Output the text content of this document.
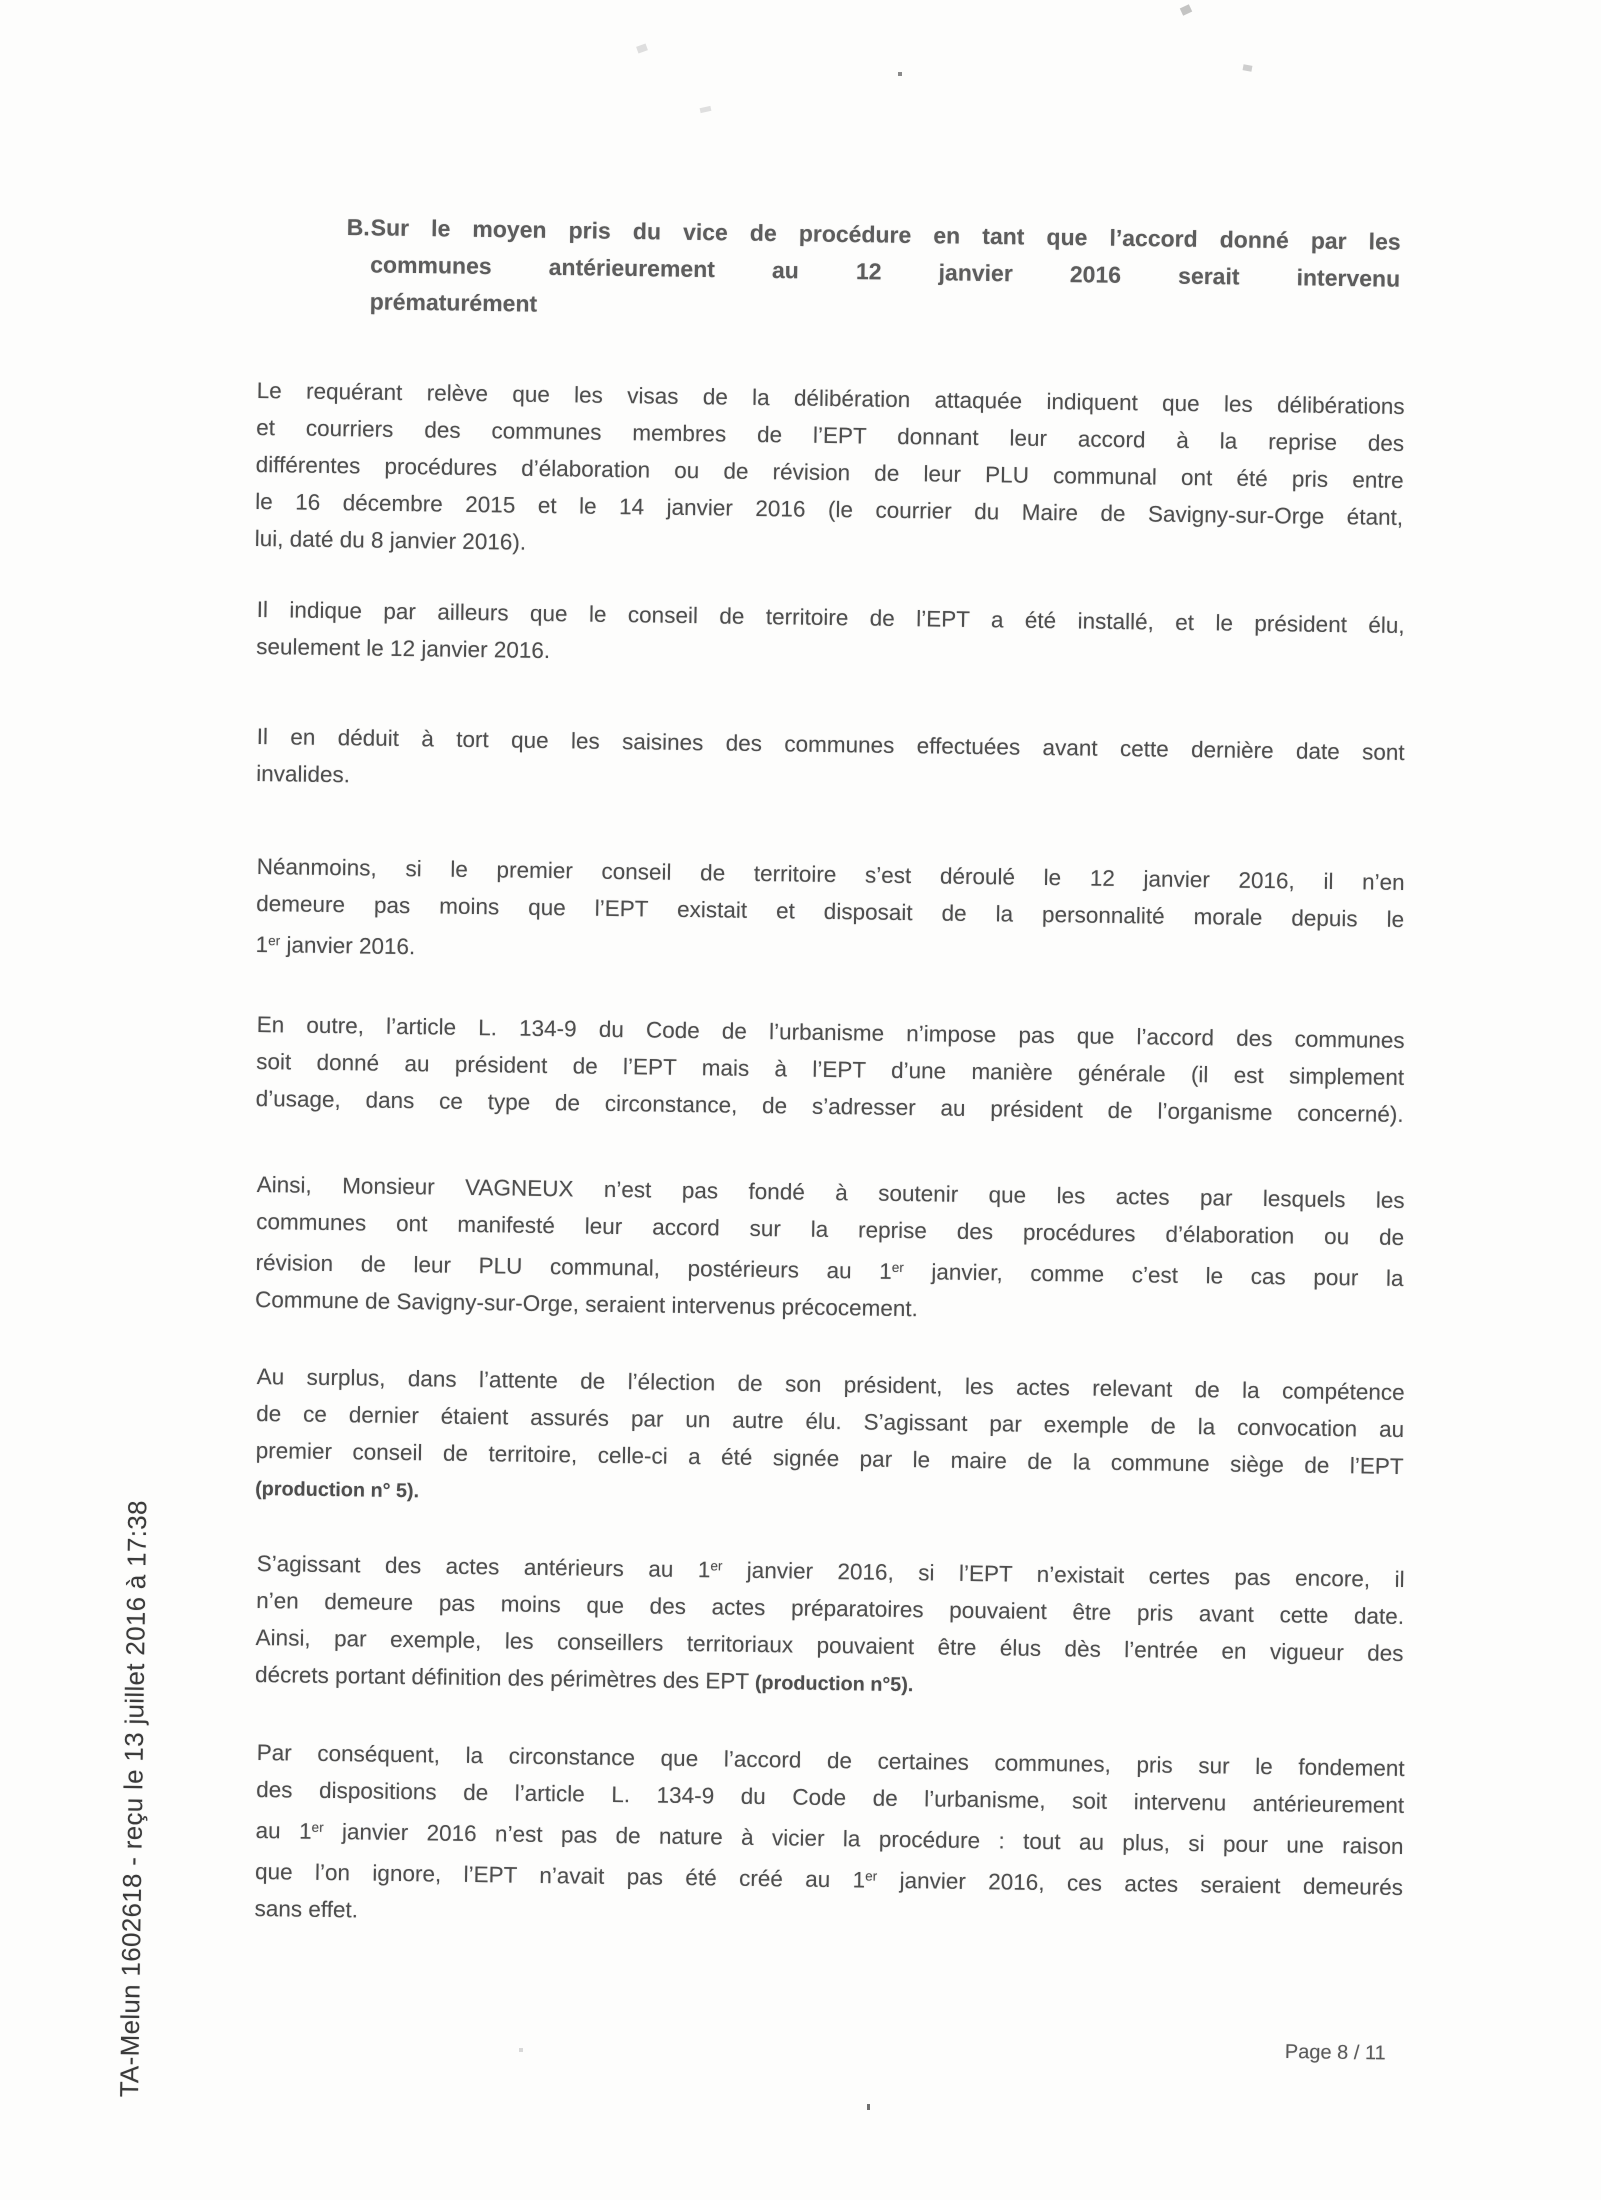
TA-Melun 1602618 - reçu le 13 juillet 2016 à 17:38
B. Sur le moyen pris du vice de procédure en tant que l’accord donné par les
communes antérieurement au 12 janvier 2016 serait intervenu
prématurément
Le requérant relève que les visas de la délibération attaquée indiquent que les délibérations
et courriers des communes membres de l’EPT donnant leur accord à la reprise des
différentes procédures d’élaboration ou de révision de leur PLU communal ont été pris entre
le 16 décembre 2015 et le 14 janvier 2016 (le courrier du Maire de Savigny-sur-Orge étant,
lui, daté du 8 janvier 2016).
Il indique par ailleurs que le conseil de territoire de l’EPT a été installé, et le président élu,
seulement le 12 janvier 2016.
Il en déduit à tort que les saisines des communes effectuées avant cette dernière date sont
invalides.
Néanmoins, si le premier conseil de territoire s’est déroulé le 12 janvier 2016, il n’en
demeure pas moins que l’EPT existait et disposait de la personnalité morale depuis le
1er janvier 2016.
En outre, l’article L. 134-9 du Code de l’urbanisme n’impose pas que l’accord des communes
soit donné au président de l’EPT mais à l’EPT d’une manière générale (il est simplement
d’usage, dans ce type de circonstance, de s’adresser au président de l’organisme concerné).
Ainsi, Monsieur VAGNEUX n’est pas fondé à soutenir que les actes par lesquels les
communes ont manifesté leur accord sur la reprise des procédures d’élaboration ou de
révision de leur PLU communal, postérieurs au 1er janvier, comme c’est le cas pour la
Commune de Savigny-sur-Orge, seraient intervenus précocement.
Au surplus, dans l’attente de l’élection de son président, les actes relevant de la compétence
de ce dernier étaient assurés par un autre élu. S’agissant par exemple de la convocation au
premier conseil de territoire, celle-ci a été signée par le maire de la commune siège de l’EPT
(production n° 5).
S’agissant des actes antérieurs au 1er janvier 2016, si l’EPT n’existait certes pas encore, il
n’en demeure pas moins que des actes préparatoires pouvaient être pris avant cette date.
Ainsi, par exemple, les conseillers territoriaux pouvaient être élus dès l’entrée en vigueur des
décrets portant définition des périmètres des EPT (production n°5).
Par conséquent, la circonstance que l’accord de certaines communes, pris sur le fondement
des dispositions de l’article L. 134-9 du Code de l’urbanisme, soit intervenu antérieurement
au 1er janvier 2016 n’est pas de nature à vicier la procédure : tout au plus, si pour une raison
que l’on ignore, l’EPT n’avait pas été créé au 1er janvier 2016, ces actes seraient demeurés
sans effet.
Page 8 / 11
